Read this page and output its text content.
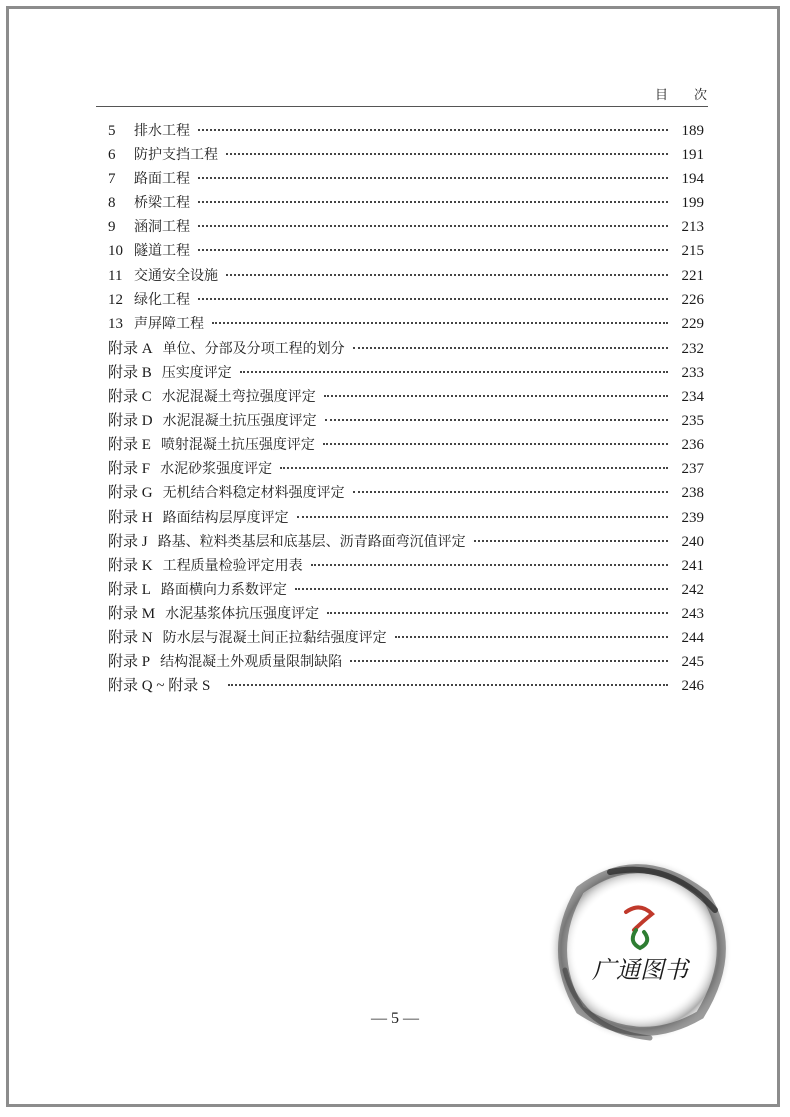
目　　次
5 排水工程	189
6 防护支挡工程	191
7 路面工程	194
8 桥梁工程	199
9 涵洞工程	213
10 隧道工程	215
11 交通安全设施	221
12 绿化工程	226
13 声屏障工程	229
附录 A 单位、分部及分项工程的划分	232
附录 B 压实度评定	233
附录 C 水泥混凝土弯拉强度评定	234
附录 D 水泥混凝土抗压强度评定	235
附录 E 喷射混凝土抗压强度评定	236
附录 F 水泥砂浆强度评定	237
附录 G 无机结合料稳定材料强度评定	238
附录 H 路面结构层厚度评定	239
附录 J 路基、粒料类基层和底基层、沥青路面弯沉值评定	240
附录 K 工程质量检验评定用表	241
附录 L 路面横向力系数评定	242
附录 M 水泥基浆体抗压强度评定	243
附录 N 防水层与混凝土间正拉黏结强度评定	244
附录 P 结构混凝土外观质量限制缺陷	245
附录 Q ~ 附录 S	246
广通图书
— 5 —
